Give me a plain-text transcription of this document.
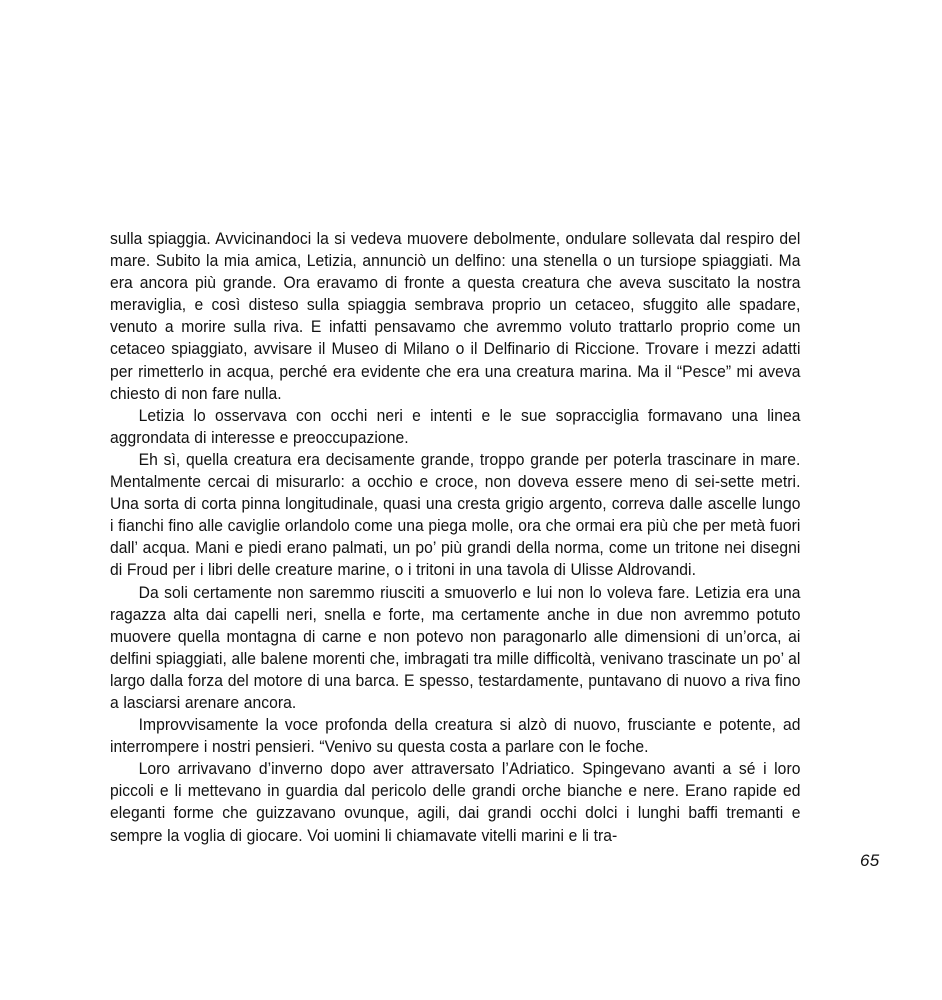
sulla spiaggia. Avvicinandoci la si vedeva muovere debolmente, ondulare sollevata dal respiro del mare. Subito la mia amica, Letizia, annunciò un delfino: una stenella o un tursiope spiaggiati. Ma era ancora più grande. Ora eravamo di fronte a questa creatura che aveva suscitato la nostra meraviglia, e così disteso sulla spiaggia sembrava proprio un cetaceo, sfuggito alle spadare, venuto a morire sulla riva. E infatti pensavamo che avremmo voluto trattarlo proprio come un cetaceo spiaggiato, avvisare il Museo di Milano o il Delfinario di Riccione. Trovare i mezzi adatti per rimetterlo in acqua, perché era evidente che era una creatura marina. Ma il “Pesce” mi aveva chiesto di non fare nulla.

Letizia lo osservava con occhi neri e intenti e le sue sopracciglia formavano una linea aggrondata di interesse e preoccupazione.

Eh sì, quella creatura era decisamente grande, troppo grande per poterla trascinare in mare. Mentalmente cercai di misurarlo: a occhio e croce, non doveva essere meno di sei-sette metri. Una sorta di corta pinna longitudinale, quasi una cresta grigio argento, correva dalle ascelle lungo i fianchi fino alle caviglie orlandolo come una piega molle, ora che ormai era più che per metà fuori dall’ acqua. Mani e piedi erano palmati, un po’ più grandi della norma, come un tritone nei disegni di Froud per i libri delle creature marine, o i tritoni in una tavola di Ulisse Aldrovandi.

Da soli certamente non saremmo riusciti a smuoverlo e lui non lo voleva fare. Letizia era una ragazza alta dai capelli neri, snella e forte, ma certamente anche in due non avremmo potuto muovere quella montagna di carne e non potevo non paragonarlo alle dimensioni di un’orca, ai delfini spiaggiati, alle balene morenti che, imbragati tra mille difficoltà, venivano trascinate un po’ al largo dalla forza del motore di una barca. E spesso, testardamente, puntavano di nuovo a riva fino a lasciarsi arenare ancora.

Improvvisamente la voce profonda della creatura si alzò di nuovo, frusciante e potente, ad interrompere i nostri pensieri. “Venivo su questa costa a parlare con le foche.

Loro arrivavano d’inverno dopo aver attraversato l’Adriatico. Spingevano avanti a sé i loro piccoli e li mettevano in guardia dal pericolo delle grandi orche bianche e nere. Erano rapide ed eleganti forme che guizzavano ovunque, agili, dai grandi occhi dolci i lunghi baffi tremanti e sempre la voglia di giocare. Voi uomini li chiamavate vitelli marini e li tra-

65
